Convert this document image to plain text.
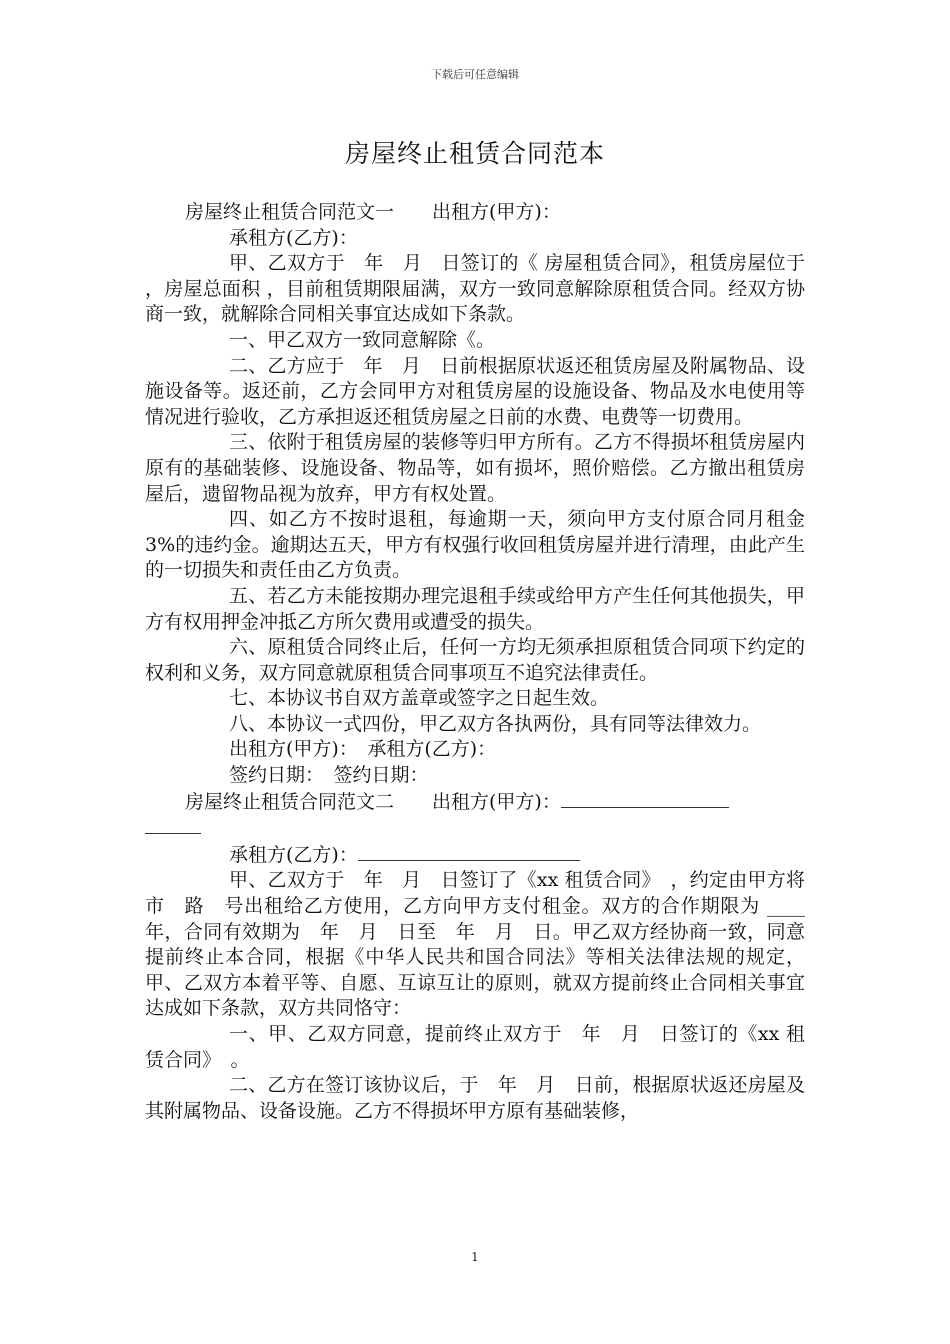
下载后可任意编辑
房屋终止租赁合同范本

房屋终止租赁合同范文一　　出租方(甲方)：

承租方(乙方)：

甲、乙双方于　年　月　日签订的《 房屋租赁合同》，租赁房屋位于 ，房屋总面积 ，目前租赁期限届满，双方一致同意解除原租赁合同。经双方协商一致，就解除合同相关事宜达成如下条款。

一、甲乙双方一致同意解除《。

二、乙方应于　年　月　日前根据原状返还租赁房屋及附属物品、设施设备等。返还前，乙方会同甲方对租赁房屋的设施设备、物品及水电使用等情况进行验收，乙方承担返还租赁房屋之日前的水费、电费等一切费用。

三、依附于租赁房屋的装修等归甲方所有。乙方不得损坏租赁房屋内原有的基础装修、设施设备、物品等，如有损坏，照价赔偿。乙方撤出租赁房屋后，遗留物品视为放弃，甲方有权处置。

四、如乙方不按时退租，每逾期一天，须向甲方支付原合同月租金 3%的违约金。逾期达五天，甲方有权强行收回租赁房屋并进行清理，由此产生的一切损失和责任由乙方负责。

五、若乙方未能按期办理完退租手续或给甲方产生任何其他损失，甲方有权用押金冲抵乙方所欠费用或遭受的损失。

六、原租赁合同终止后，任何一方均无须承担原租赁合同项下约定的权利和义务，双方同意就原租赁合同事项互不追究法律责任。

七、本协议书自双方盖章或签字之日起生效。

八、本协议一式四份，甲乙双方各执两份，具有同等法律效力。

出租方(甲方)：　承租方(乙方)：

签约日期：　签约日期：

房屋终止租赁合同范文二　　出租方(甲方)：

承租方(乙方)：

甲、乙双方于　年　月　日签订了《xx 租赁合同》　，约定由甲方将　市　路　号出租给乙方使用，乙方向甲方支付租金。双方的合作期限为 ____年，合同有效期为　年　月　日至　年　月　日。甲乙双方经协商一致，同意提前终止本合同，根据《中华人民共和国合同法》等相关法律法规的规定，甲、乙双方本着平等、自愿、互谅互让的原则，就双方提前终止合同相关事宜达成如下条款，双方共同恪守：

一、甲、乙双方同意，提前终止双方于　年　月　日签订的《xx 租赁合同》　。

二、乙方在签订该协议后，于　年　月　日前，根据原状返还房屋及其附属物品、设备设施。乙方不得损坏甲方原有基础装修，

1
